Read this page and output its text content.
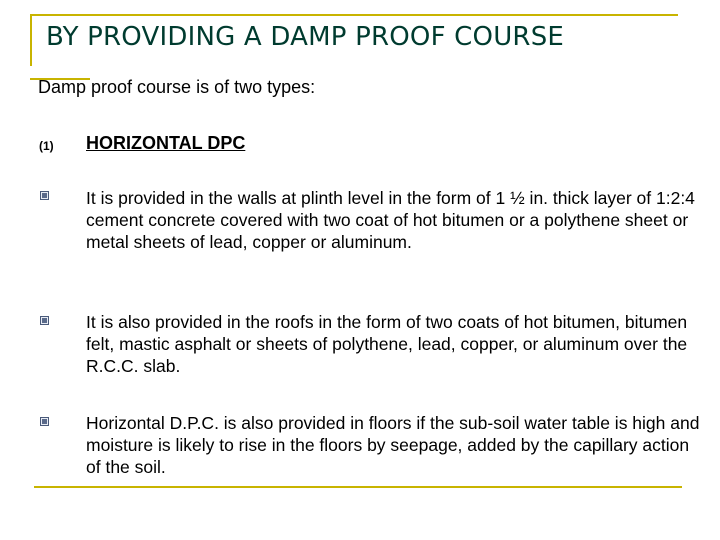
BY PROVIDING A DAMP PROOF COURSE
Damp proof course is of two types:
(1) HORIZONTAL DPC

It is provided in the walls at plinth level in the form of 1 ½ in. thick layer of 1:2:4 cement concrete covered with two coat of hot bitumen or a polythene sheet or metal sheets of lead, copper or aluminum.

It is also provided in the roofs in the form of two coats of hot bitumen, bitumen felt, mastic asphalt or sheets of polythene, lead, copper, or aluminum over the R.C.C. slab.

Horizontal D.P.C. is also provided in floors if the sub-soil water table is high and moisture is likely to rise in the floors by seepage, added by the capillary action of the soil.
